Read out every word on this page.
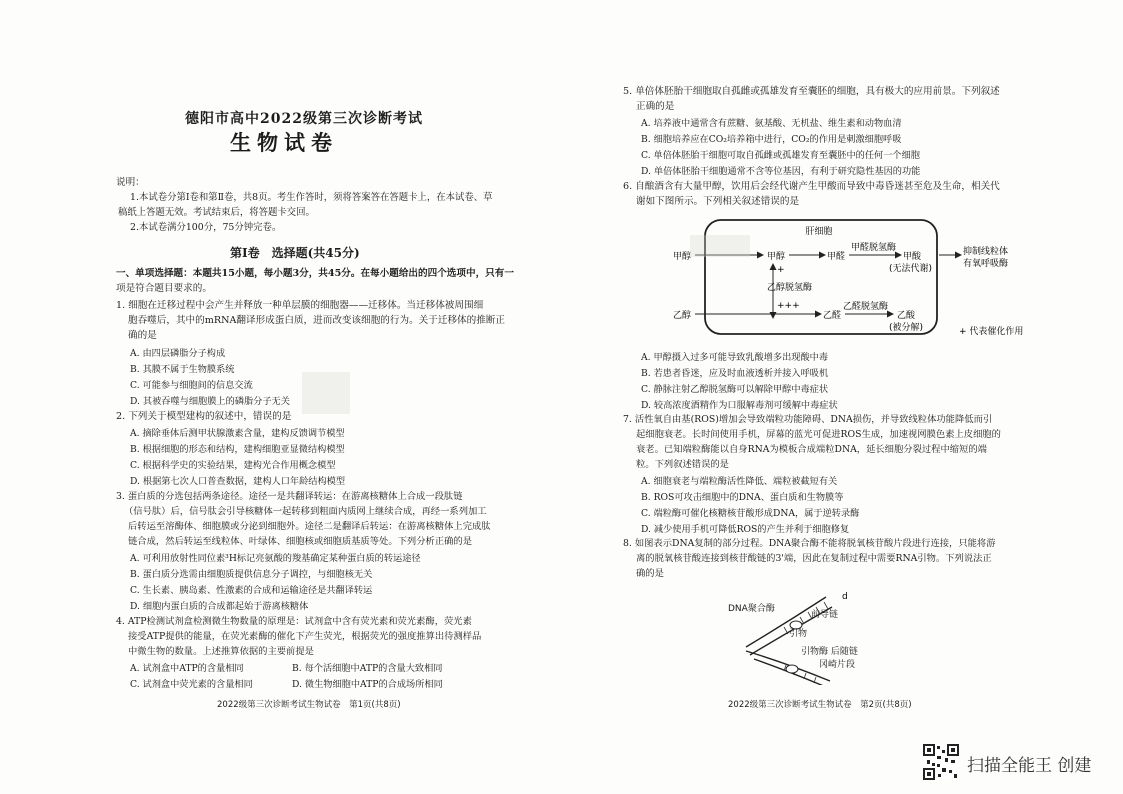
德阳市高中2022级第三次诊断考试
生物试卷
说明：
1.本试卷分第Ⅰ卷和第Ⅱ卷，共8页。考生作答时，须将答案答在答题卡上，在本试卷、草
稿纸上答题无效。考试结束后，将答题卡交回。
2.本试卷满分100分，75分钟完卷。
第Ⅰ卷　选择题(共45分)
一、单项选择题：本题共15小题，每小题3分，共45分。在每小题给出的四个选项中，只有一
项是符合题目要求的。
1. 细胞在迁移过程中会产生并释放一种单层膜的细胞器——迁移体。当迁移体被周围细
胞吞噬后，其中的mRNA翻译形成蛋白质，进而改变该细胞的行为。关于迁移体的推断正
确的是
A. 由四层磷脂分子构成
B. 其膜不属于生物膜系统
C. 可能参与细胞间的信息交流
D. 其被吞噬与细胞膜上的磷脂分子无关
2. 下列关于模型建构的叙述中，错误的是
A. 摘除垂体后测甲状腺激素含量，建构反馈调节模型
B. 根据细胞的形态和结构，建构细胞亚显微结构模型
C. 根据科学史的实验结果，建构光合作用概念模型
D. 根据第七次人口普查数据，建构人口年龄结构模型
3. 蛋白质的分选包括两条途径。途径一是共翻译转运：在游离核糖体上合成一段肽链
（信号肽）后，信号肽会引导核糖体一起转移到粗面内质网上继续合成，再经一系列加工
后转运至溶酶体、细胞膜或分泌到细胞外。途径二是翻译后转运：在游离核糖体上完成肽
链合成，然后转运至线粒体、叶绿体、细胞核或细胞质基质等处。下列分析正确的是
A. 可利用放射性同位素³H标记亮氨酸的羧基确定某种蛋白质的转运途径
B. 蛋白质分选需由细胞质提供信息分子调控，与细胞核无关
C. 生长素、胰岛素、性激素的合成和运输途径是共翻译转运
D. 细胞内蛋白质的合成都起始于游离核糖体
4. ATP检测试剂盒检测微生物数量的原理是：试剂盒中含有荧光素和荧光素酶，荧光素
接受ATP提供的能量，在荧光素酶的催化下产生荧光，根据荧光的强度推算出待测样品
中微生物的数量。上述推算依据的主要前提是
A. 试剂盒中ATP的含量相同	B. 每个活细胞中ATP的含量大致相同
C. 试剂盒中荧光素的含量相同	D. 微生物细胞中ATP的合成场所相同
2022级第三次诊断考试生物试卷　第1页(共8页)
5. 单倍体胚胎干细胞取自孤雌或孤雄发育至囊胚的细胞，具有极大的应用前景。下列叙述
正确的是
A. 培养液中通常含有蔗糖、氨基酸、无机盐、维生素和动物血清
B. 细胞培养应在CO₂培养箱中进行，CO₂的作用是刺激细胞呼吸
C. 单倍体胚胎干细胞可取自孤雌或孤雄发育至囊胚中的任何一个细胞
D. 单倍体胚胎干细胞通常不含等位基因，有利于研究隐性基因的功能
6. 自酿酒含有大量甲醇，饮用后会经代谢产生甲酸而导致中毒昏迷甚至危及生命，相关代
谢如下图所示。下列相关叙述错误的是
肝细胞
甲醇	甲醇	甲醛
甲醛脱氢酶
甲酸
(无法代谢)
抑制线粒体
有氧呼吸酶
+
乙醇脱氢酶
+++
乙醇	乙醛
乙醛脱氢酶
乙酸
(被分解)	+ 代表催化作用
A. 甲醇摄入过多可能导致乳酸增多出现酸中毒
B. 若患者昏迷，应及时血液透析并接入呼吸机
C. 静脉注射乙醇脱氢酶可以解除甲醇中毒症状
D. 较高浓度酒精作为口服解毒剂可缓解中毒症状
7. 活性氧自由基(ROS)增加会导致端粒功能障碍、DNA损伤，并导致线粒体功能降低而引
起细胞衰老。长时间使用手机，屏幕的蓝光可促进ROS生成，加速视网膜色素上皮细胞的
衰老。已知端粒酶能以自身RNA为模板合成端粒DNA，延长细胞分裂过程中缩短的端
粒。下列叙述错误的是
A. 细胞衰老与端粒酶活性降低、端粒被截短有关
B. ROS可攻击细胞中的DNA、蛋白质和生物膜等
C. 端粒酶可催化核糖核苷酸形成DNA，属于逆转录酶
D. 减少使用手机可降低ROS的产生并利于细胞修复
8. 如图表示DNA复制的部分过程。DNA聚合酶不能将脱氧核苷酸片段进行连接，只能将游
离的脱氧核苷酸连接到核苷酸链的3'端，因此在复制过程中需要RNA引物。下列说法正
确的是
d
DNA聚合酶
前导链
引物
引物酶 后随链
冈崎片段
2022级第三次诊断考试生物试卷　第2页(共8页)
扫描全能王 创建
